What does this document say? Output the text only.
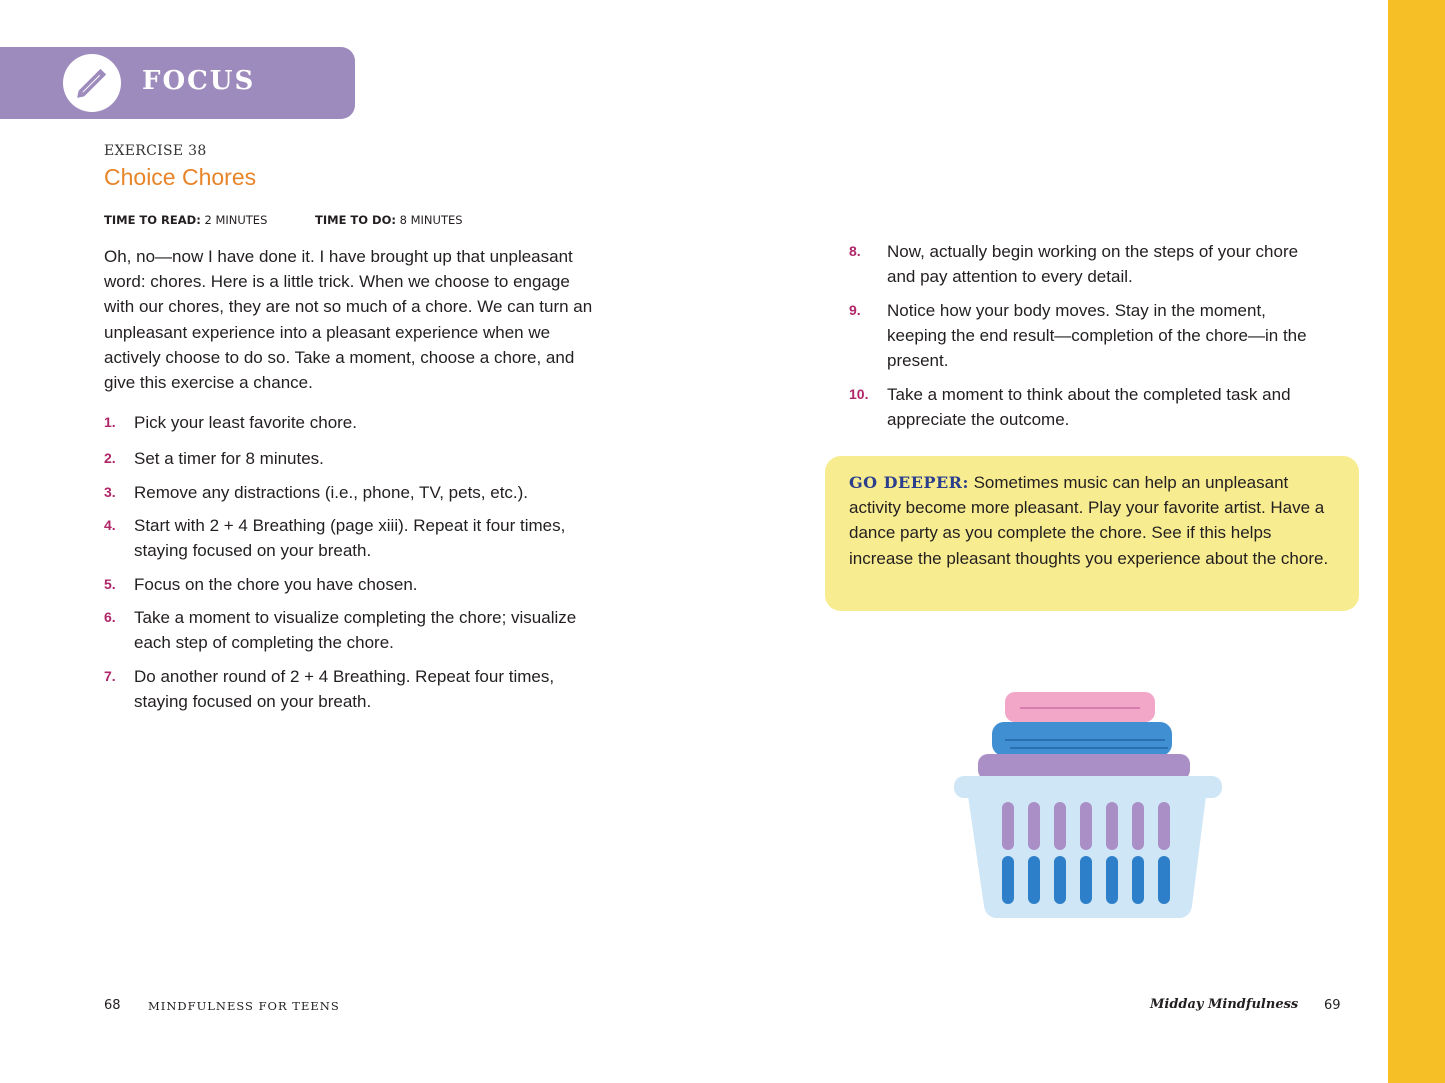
FOCUS
EXERCISE 38
Choice Chores
TIME TO READ: 2 MINUTES	TIME TO DO: 8 MINUTES
Oh, no—now I have done it. I have brought up that unpleasant word: chores. Here is a little trick. When we choose to engage with our chores, they are not so much of a chore. We can turn an unpleasant experience into a pleasant experience when we actively choose to do so. Take a moment, choose a chore, and give this exercise a chance.
1. Pick your least favorite chore.
2. Set a timer for 8 minutes.
3. Remove any distractions (i.e., phone, TV, pets, etc.).
4. Start with 2 + 4 Breathing (page xiii). Repeat it four times, staying focused on your breath.
5. Focus on the chore you have chosen.
6. Take a moment to visualize completing the chore; visualize each step of completing the chore.
7. Do another round of 2 + 4 Breathing. Repeat four times, staying focused on your breath.
8. Now, actually begin working on the steps of your chore and pay attention to every detail.
9. Notice how your body moves. Stay in the moment, keeping the end result—completion of the chore—in the present.
10. Take a moment to think about the completed task and appreciate the outcome.
GO DEEPER: Sometimes music can help an unpleasant activity become more pleasant. Play your favorite artist. Have a dance party as you complete the chore. See if this helps increase the pleasant thoughts you experience about the chore.
68 MINDFULNESS FOR TEENS	Midday Mindfulness 69
